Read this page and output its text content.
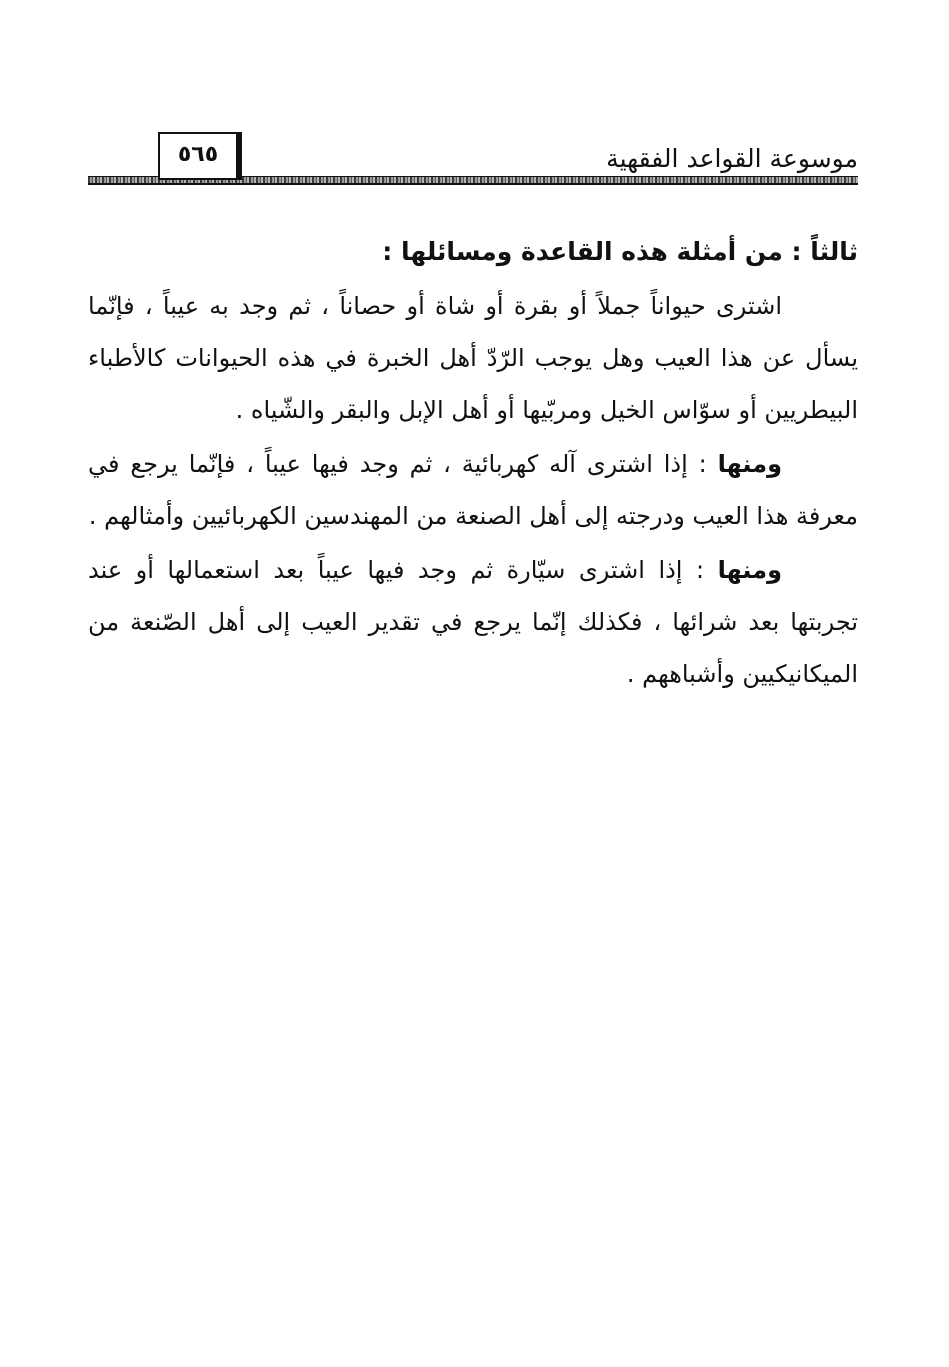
٥٦٥	موسوعة القواعد الفقهية
ثالثاً : من أمثلة هذه القاعدة ومسائلها :

اشترى حيواناً جملاً أو بقرة أو شاة أو حصاناً ، ثم وجد به عيباً ، فإنّما يسأل عن هذا العيب وهل يوجب الرّدّ أهل الخبرة في هذه الحيوانات كالأطباء البيطريين أو سوّاس الخيل ومربّيها أو أهل الإبل والبقر والشّياه .

ومنها : إذا اشترى آله كهربائية ، ثم وجد فيها عيباً ، فإنّما يرجع في معرفة هذا العيب ودرجته إلى أهل الصنعة من المهندسين الكهربائيين وأمثالهم .

ومنها : إذا اشترى سيّارة ثم وجد فيها عيباً بعد استعمالها أو عند تجربتها بعد شرائها ، فكذلك إنّما يرجع في تقدير العيب إلى أهل الصّنعة من الميكانيكيين وأشباههم .
